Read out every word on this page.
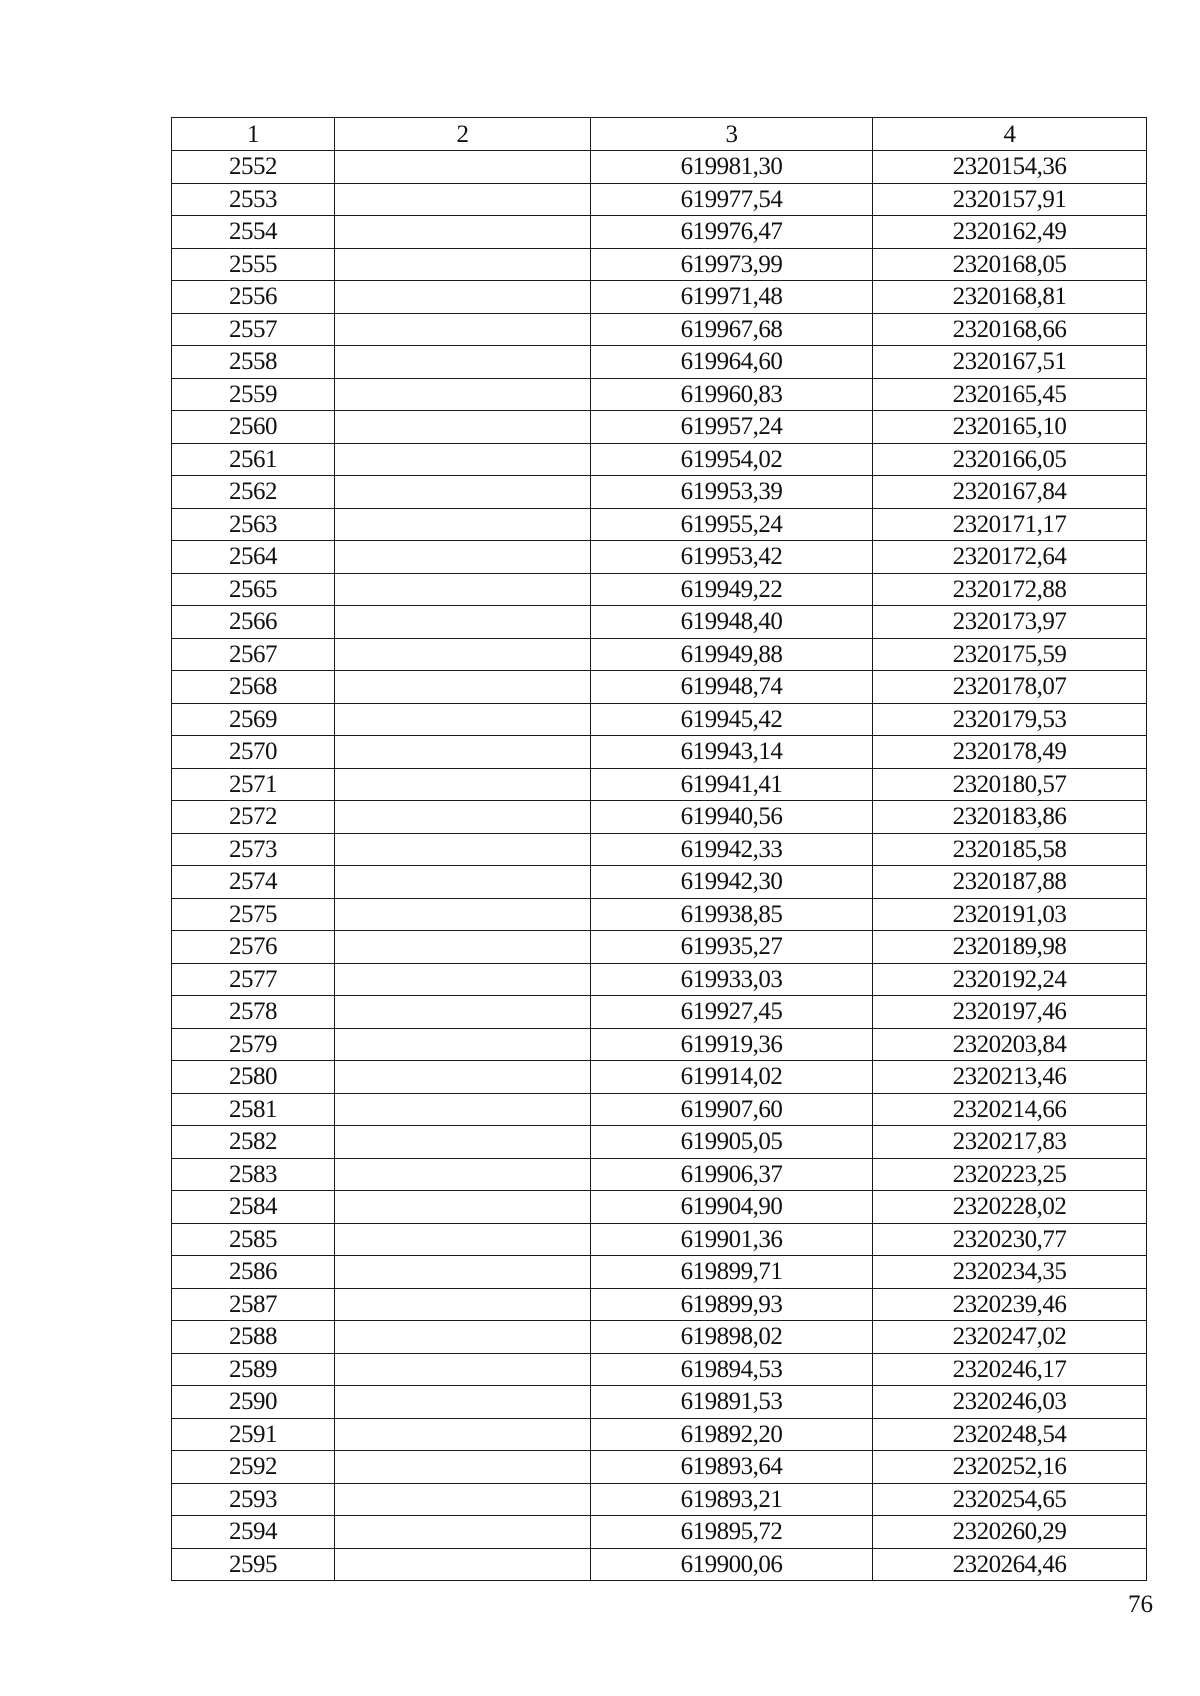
1	2	3	4
2552		619981,30	2320154,36
2553		619977,54	2320157,91
2554		619976,47	2320162,49
2555		619973,99	2320168,05
2556		619971,48	2320168,81
2557		619967,68	2320168,66
2558		619964,60	2320167,51
2559		619960,83	2320165,45
2560		619957,24	2320165,10
2561		619954,02	2320166,05
2562		619953,39	2320167,84
2563		619955,24	2320171,17
2564		619953,42	2320172,64
2565		619949,22	2320172,88
2566		619948,40	2320173,97
2567		619949,88	2320175,59
2568		619948,74	2320178,07
2569		619945,42	2320179,53
2570		619943,14	2320178,49
2571		619941,41	2320180,57
2572		619940,56	2320183,86
2573		619942,33	2320185,58
2574		619942,30	2320187,88
2575		619938,85	2320191,03
2576		619935,27	2320189,98
2577		619933,03	2320192,24
2578		619927,45	2320197,46
2579		619919,36	2320203,84
2580		619914,02	2320213,46
2581		619907,60	2320214,66
2582		619905,05	2320217,83
2583		619906,37	2320223,25
2584		619904,90	2320228,02
2585		619901,36	2320230,77
2586		619899,71	2320234,35
2587		619899,93	2320239,46
2588		619898,02	2320247,02
2589		619894,53	2320246,17
2590		619891,53	2320246,03
2591		619892,20	2320248,54
2592		619893,64	2320252,16
2593		619893,21	2320254,65
2594		619895,72	2320260,29
2595		619900,06	2320264,46
76
